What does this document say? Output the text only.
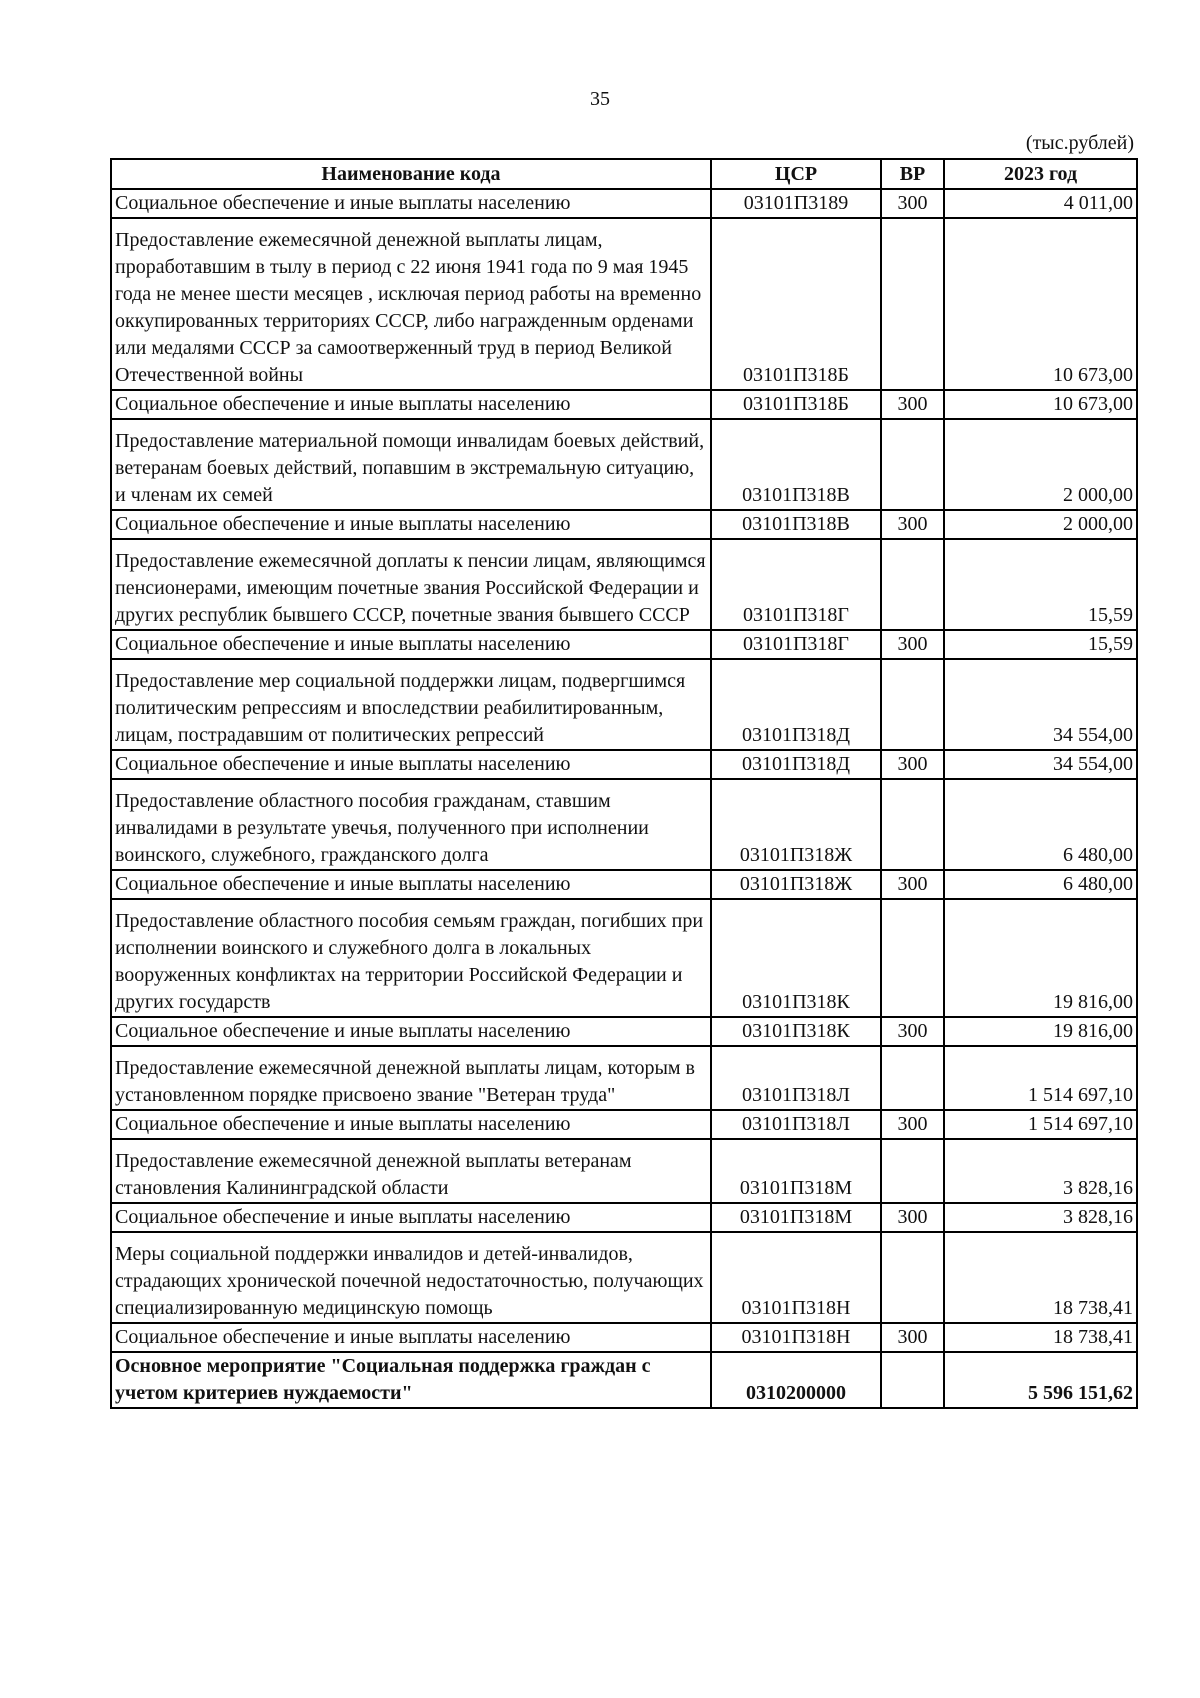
35
(тыс.рублей)
Наименование кода	ЦСР	ВР	2023 год
Социальное обеспечение и иные выплаты населению	03101П3189	300	4 011,00
Предоставление ежемесячной денежной выплаты лицам, проработавшим в тылу в период с 22 июня 1941 года по 9 мая 1945 года не менее шести месяцев , исключая период работы на временно оккупированных территориях СССР, либо награжденным орденами или медалями СССР за самоотверженный труд в период Великой Отечественной войны	03101П318Б		10 673,00
Социальное обеспечение и иные выплаты населению	03101П318Б	300	10 673,00
Предоставление материальной помощи инвалидам боевых действий, ветеранам боевых действий, попавшим в экстремальную ситуацию, и членам их семей	03101П318В		2 000,00
Социальное обеспечение и иные выплаты населению	03101П318В	300	2 000,00
Предоставление ежемесячной доплаты к пенсии лицам, являющимся пенсионерами, имеющим почетные звания Российской Федерации и других республик бывшего СССР, почетные звания бывшего СССР	03101П318Г		15,59
Социальное обеспечение и иные выплаты населению	03101П318Г	300	15,59
Предоставление мер социальной поддержки лицам, подвергшимся политическим репрессиям и впоследствии реабилитированным, лицам, пострадавшим от политических репрессий	03101П318Д		34 554,00
Социальное обеспечение и иные выплаты населению	03101П318Д	300	34 554,00
Предоставление областного пособия гражданам, ставшим инвалидами в результате увечья, полученного при исполнении воинского, служебного, гражданского долга	03101П318Ж		6 480,00
Социальное обеспечение и иные выплаты населению	03101П318Ж	300	6 480,00
Предоставление областного пособия семьям граждан, погибших при исполнении воинского и служебного долга в локальных вооруженных конфликтах на территории Российской Федерации и других государств	03101П318К		19 816,00
Социальное обеспечение и иные выплаты населению	03101П318К	300	19 816,00
Предоставление ежемесячной денежной выплаты лицам, которым в установленном порядке присвоено звание "Ветеран труда"	03101П318Л		1 514 697,10
Социальное обеспечение и иные выплаты населению	03101П318Л	300	1 514 697,10
Предоставление ежемесячной денежной выплаты ветеранам становления Калининградской области	03101П318М		3 828,16
Социальное обеспечение и иные выплаты населению	03101П318М	300	3 828,16
Меры социальной поддержки инвалидов и детей-инвалидов, страдающих хронической почечной недостаточностью, получающих специализированную медицинскую помощь	03101П318Н		18 738,41
Социальное обеспечение и иные выплаты населению	03101П318Н	300	18 738,41
Основное мероприятие "Социальная поддержка граждан с учетом критериев нуждаемости"	0310200000		5 596 151,62
